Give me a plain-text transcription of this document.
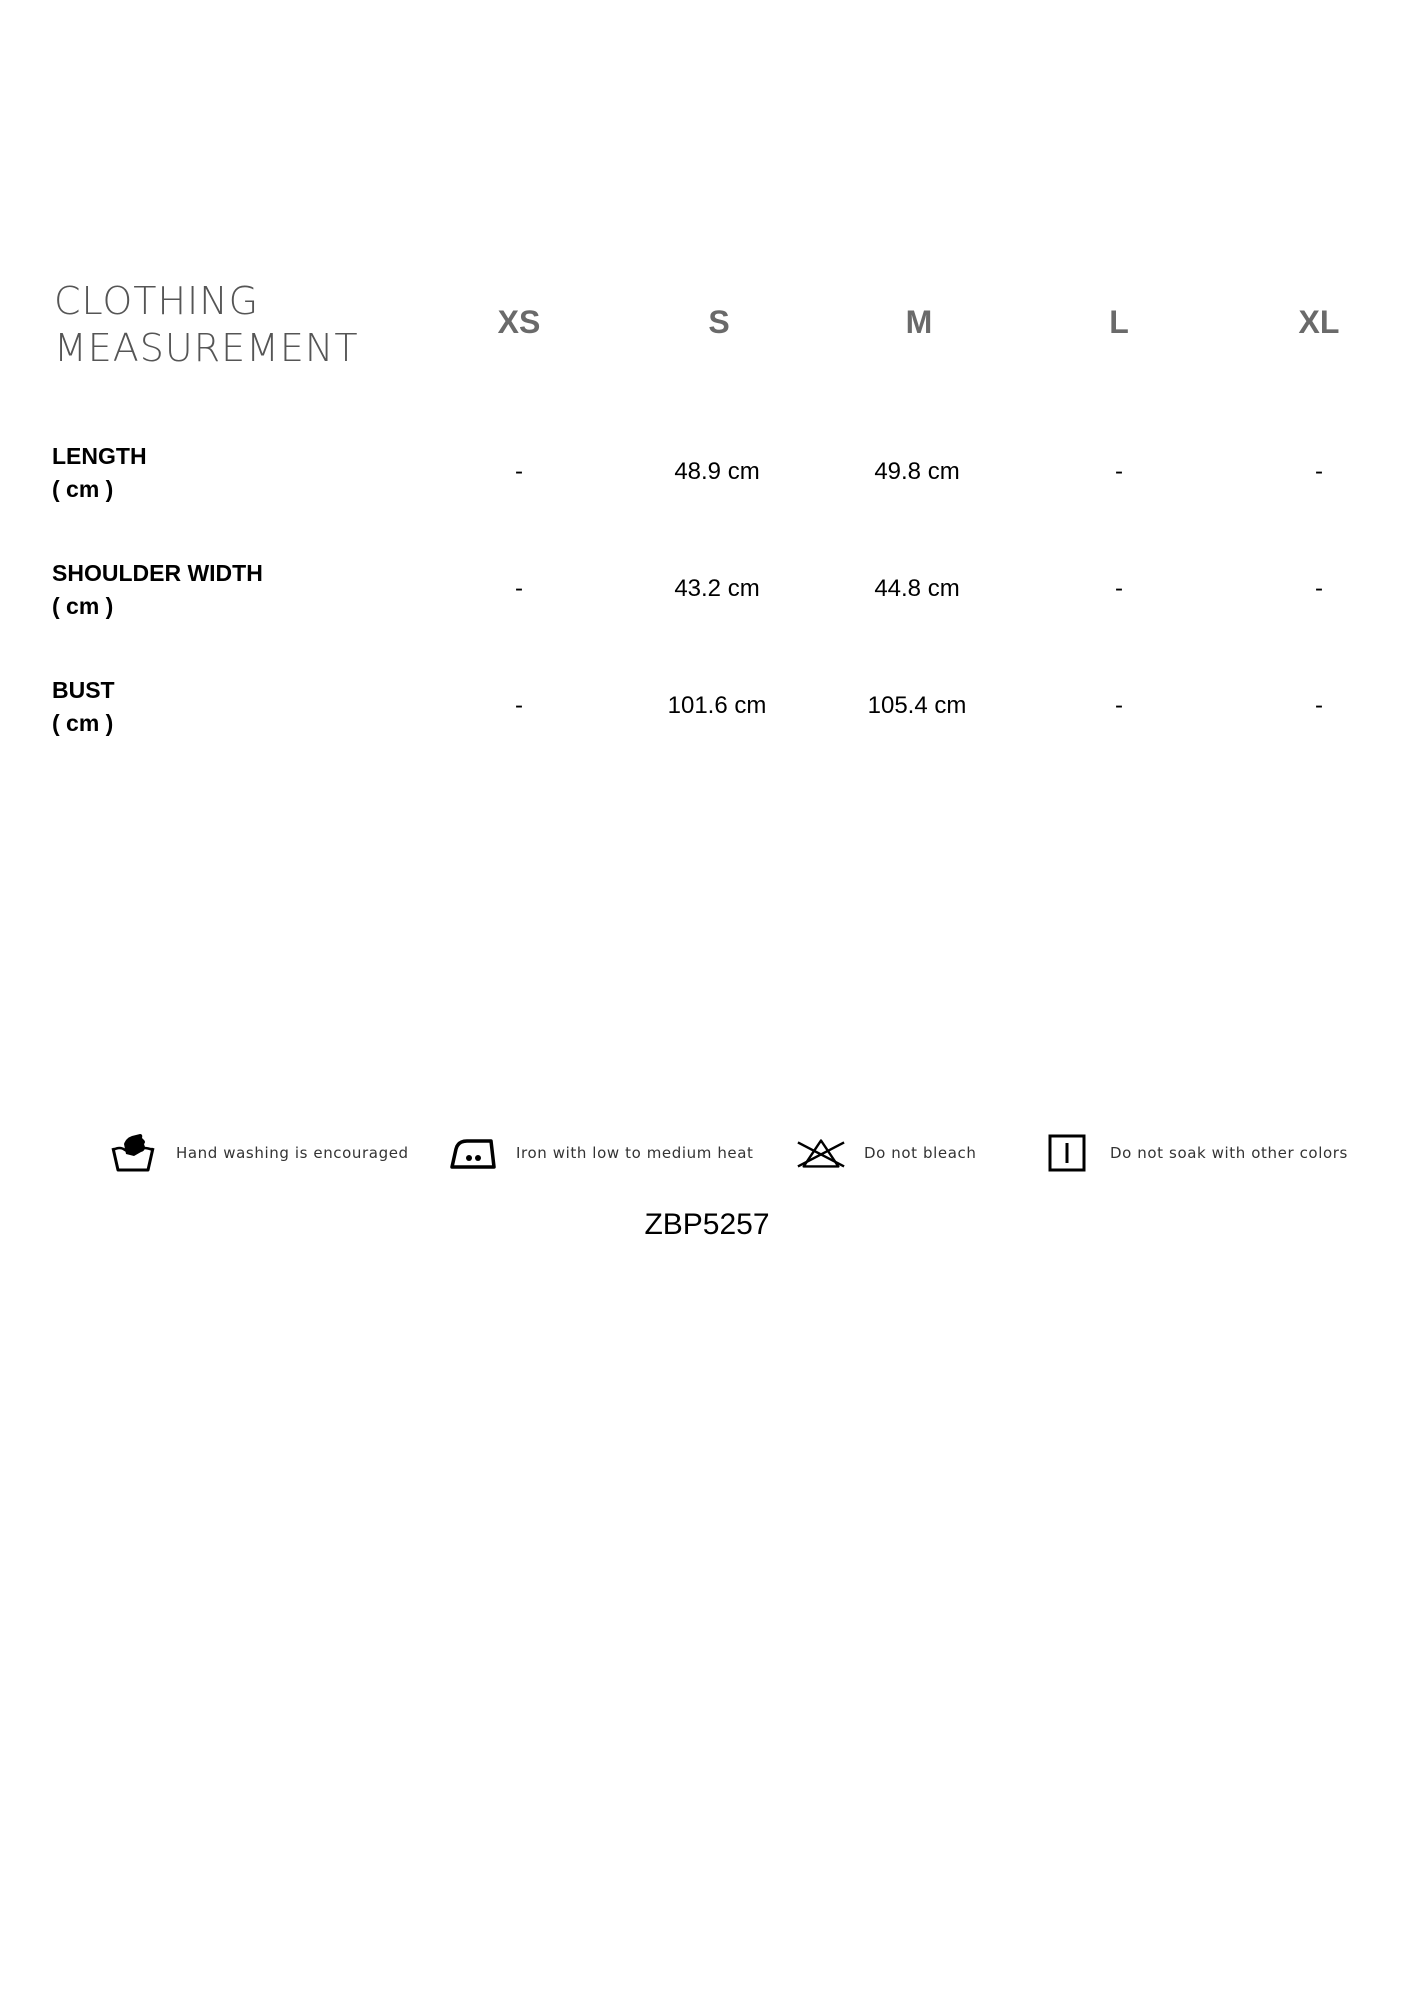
CLOTHING
MEASUREMENT
XS	S	M	L	XL
LENGTH
( cm )
-	48.9 cm	49.8 cm	-	-
SHOULDER WIDTH
( cm )
-	43.2 cm	44.8 cm	-	-
BUST
( cm )
-	101.6 cm	105.4 cm	-	-
Hand washing is encouraged	Iron with low to medium heat	Do not bleach	Do not soak with other colors
ZBP5257
